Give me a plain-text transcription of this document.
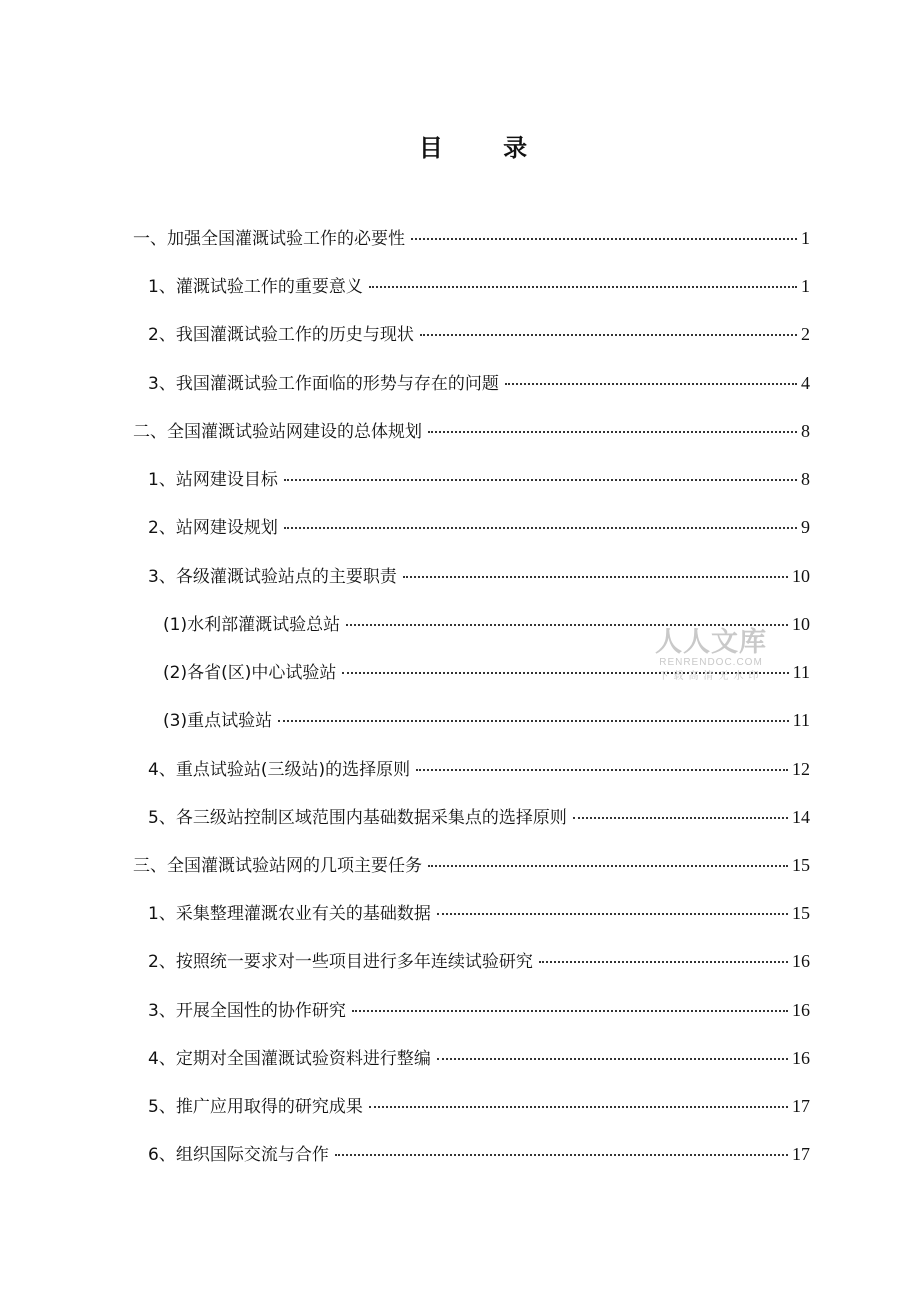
目 录
一、加强全国灌溉试验工作的必要性	1
1、灌溉试验工作的重要意义	1
2、我国灌溉试验工作的历史与现状	2
3、我国灌溉试验工作面临的形势与存在的问题	4
二、全国灌溉试验站网建设的总体规划	8
1、站网建设目标	8
2、站网建设规划	9
3、各级灌溉试验站点的主要职责	10
(1)水利部灌溉试验总站	10
(2)各省(区)中心试验站	11
(3)重点试验站	11
4、重点试验站(三级站)的选择原则	12
5、各三级站控制区域范围内基础数据采集点的选择原则	14
三、全国灌溉试验站网的几项主要任务	15
1、采集整理灌溉农业有关的基础数据	15
2、按照统一要求对一些项目进行多年连续试验研究	16
3、开展全国性的协作研究	16
4、定期对全国灌溉试验资料进行整编	16
5、推广应用取得的研究成果	17
6、组织国际交流与合作	17
人人文库
RENRENDOC.COM
下载高清无水印
